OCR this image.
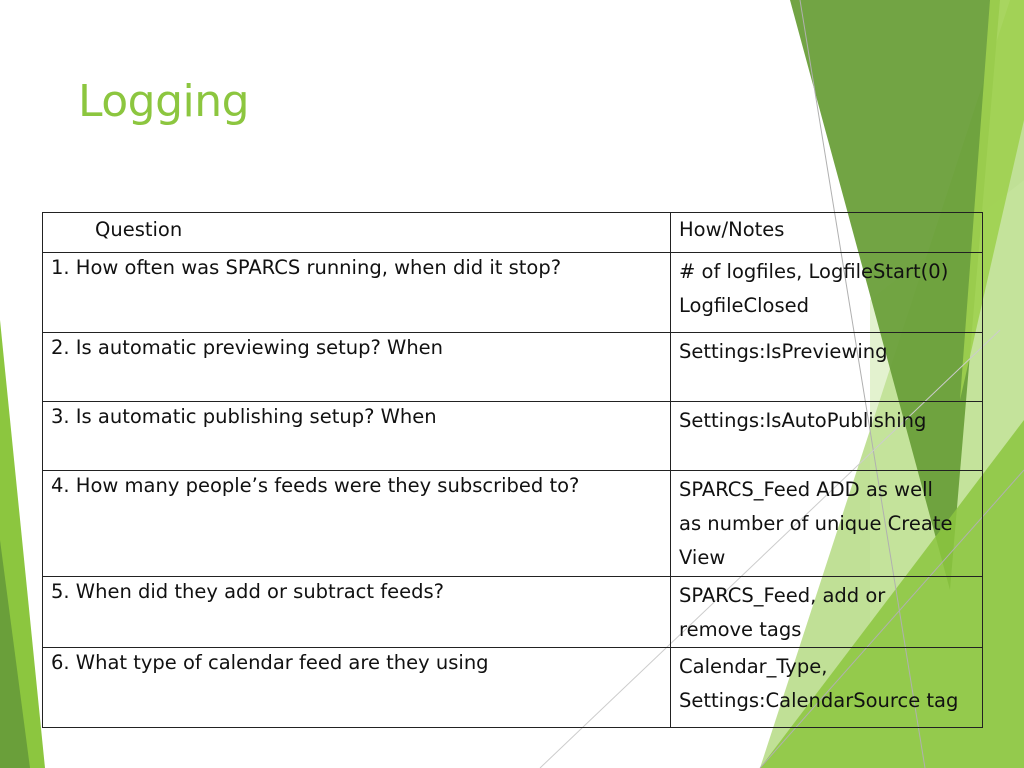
Logging
Question	How/Notes
1. How often was SPARCS running, when did it stop?	# of logfiles, LogfileStart(0)
LogfileClosed

2. Is automatic previewing setup? When	Settings:IsPreviewing

3. Is automatic publishing setup? When	Settings:IsAutoPublishing

4. How many people’s feeds were they subscribed to?	SPARCS_Feed ADD as well
as number of unique Create
View

5. When did they add or subtract feeds?	SPARCS_Feed, add or
remove tags

6. What type of calendar feed are they using	Calendar_Type,
Settings:CalendarSource tag
